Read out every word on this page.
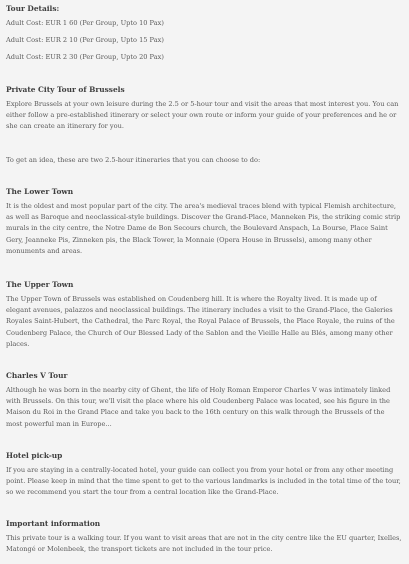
Tour Details:
Adult Cost: EUR 1 60 (Per Group, Upto 10 Pax)
Adult Cost: EUR 2 10 (Per Group, Upto 15 Pax)
Adult Cost: EUR 2 30 (Per Group, Upto 20 Pax)
Private City Tour of Brussels

Explore Brussels at your own leisure during the 2.5 or 5-hour tour and visit the areas that most interest you. You can either follow a pre-established itinerary or select your own route or inform your guide of your preferences and he or she can create an itinerary for you.

To get an idea, these are two 2.5-hour itineraries that you can choose to do:

The Lower Town

It is the oldest and most popular part of the city. The area's medieval traces blend with typical Flemish architecture, as well as Baroque and neoclassical-style buildings. Discover the Grand-Place, Manneken Pis, the striking comic strip murals in the city centre, the Notre Dame de Bon Secours church, the Boulevard Anspach, La Bourse, Place Saint Gery, Jeanneke Pis, Zinneken pis, the Black Tower, la Monnaie (Opera House in Brussels), among many other monuments and areas.

The Upper Town

The Upper Town of Brussels was established on Coudenberg hill. It is where the Royalty lived. It is made up of elegant avenues, palazzos and neoclassical buildings. The itinerary includes a visit to the Grand-Place, the Galeries Royales Saint-Hubert, the Cathedral, the Parc Royal, the Royal Palace of Brussels, the Place Royale, the ruins of the Coudenberg Palace, the Church of Our Blessed Lady of the Sablon and the Vieille Halle au Blés, among many other places.

Charles V Tour

Although he was born in the nearby city of Ghent, the life of Holy Roman Emperor Charles V was intimately linked with Brussels. On this tour, we'll visit the place where his old Coudenberg Palace was located, see his figure in the Maison du Roi in the Grand Place and take you back to the 16th century on this walk through the Brussels of the most powerful man in Europe...

Hotel pick-up

If you are staying in a centrally-located hotel, your guide can collect you from your hotel or from any other meeting point. Please keep in mind that the time spent to get to the various landmarks is included in the total time of the tour, so we recommend you start the tour from a central location like the Grand-Place.

Important information

This private tour is a walking tour. If you want to visit areas that are not in the city centre like the EU quarter, Ixelles, Matongé or Molenbeek, the transport tickets are not included in the tour price.
